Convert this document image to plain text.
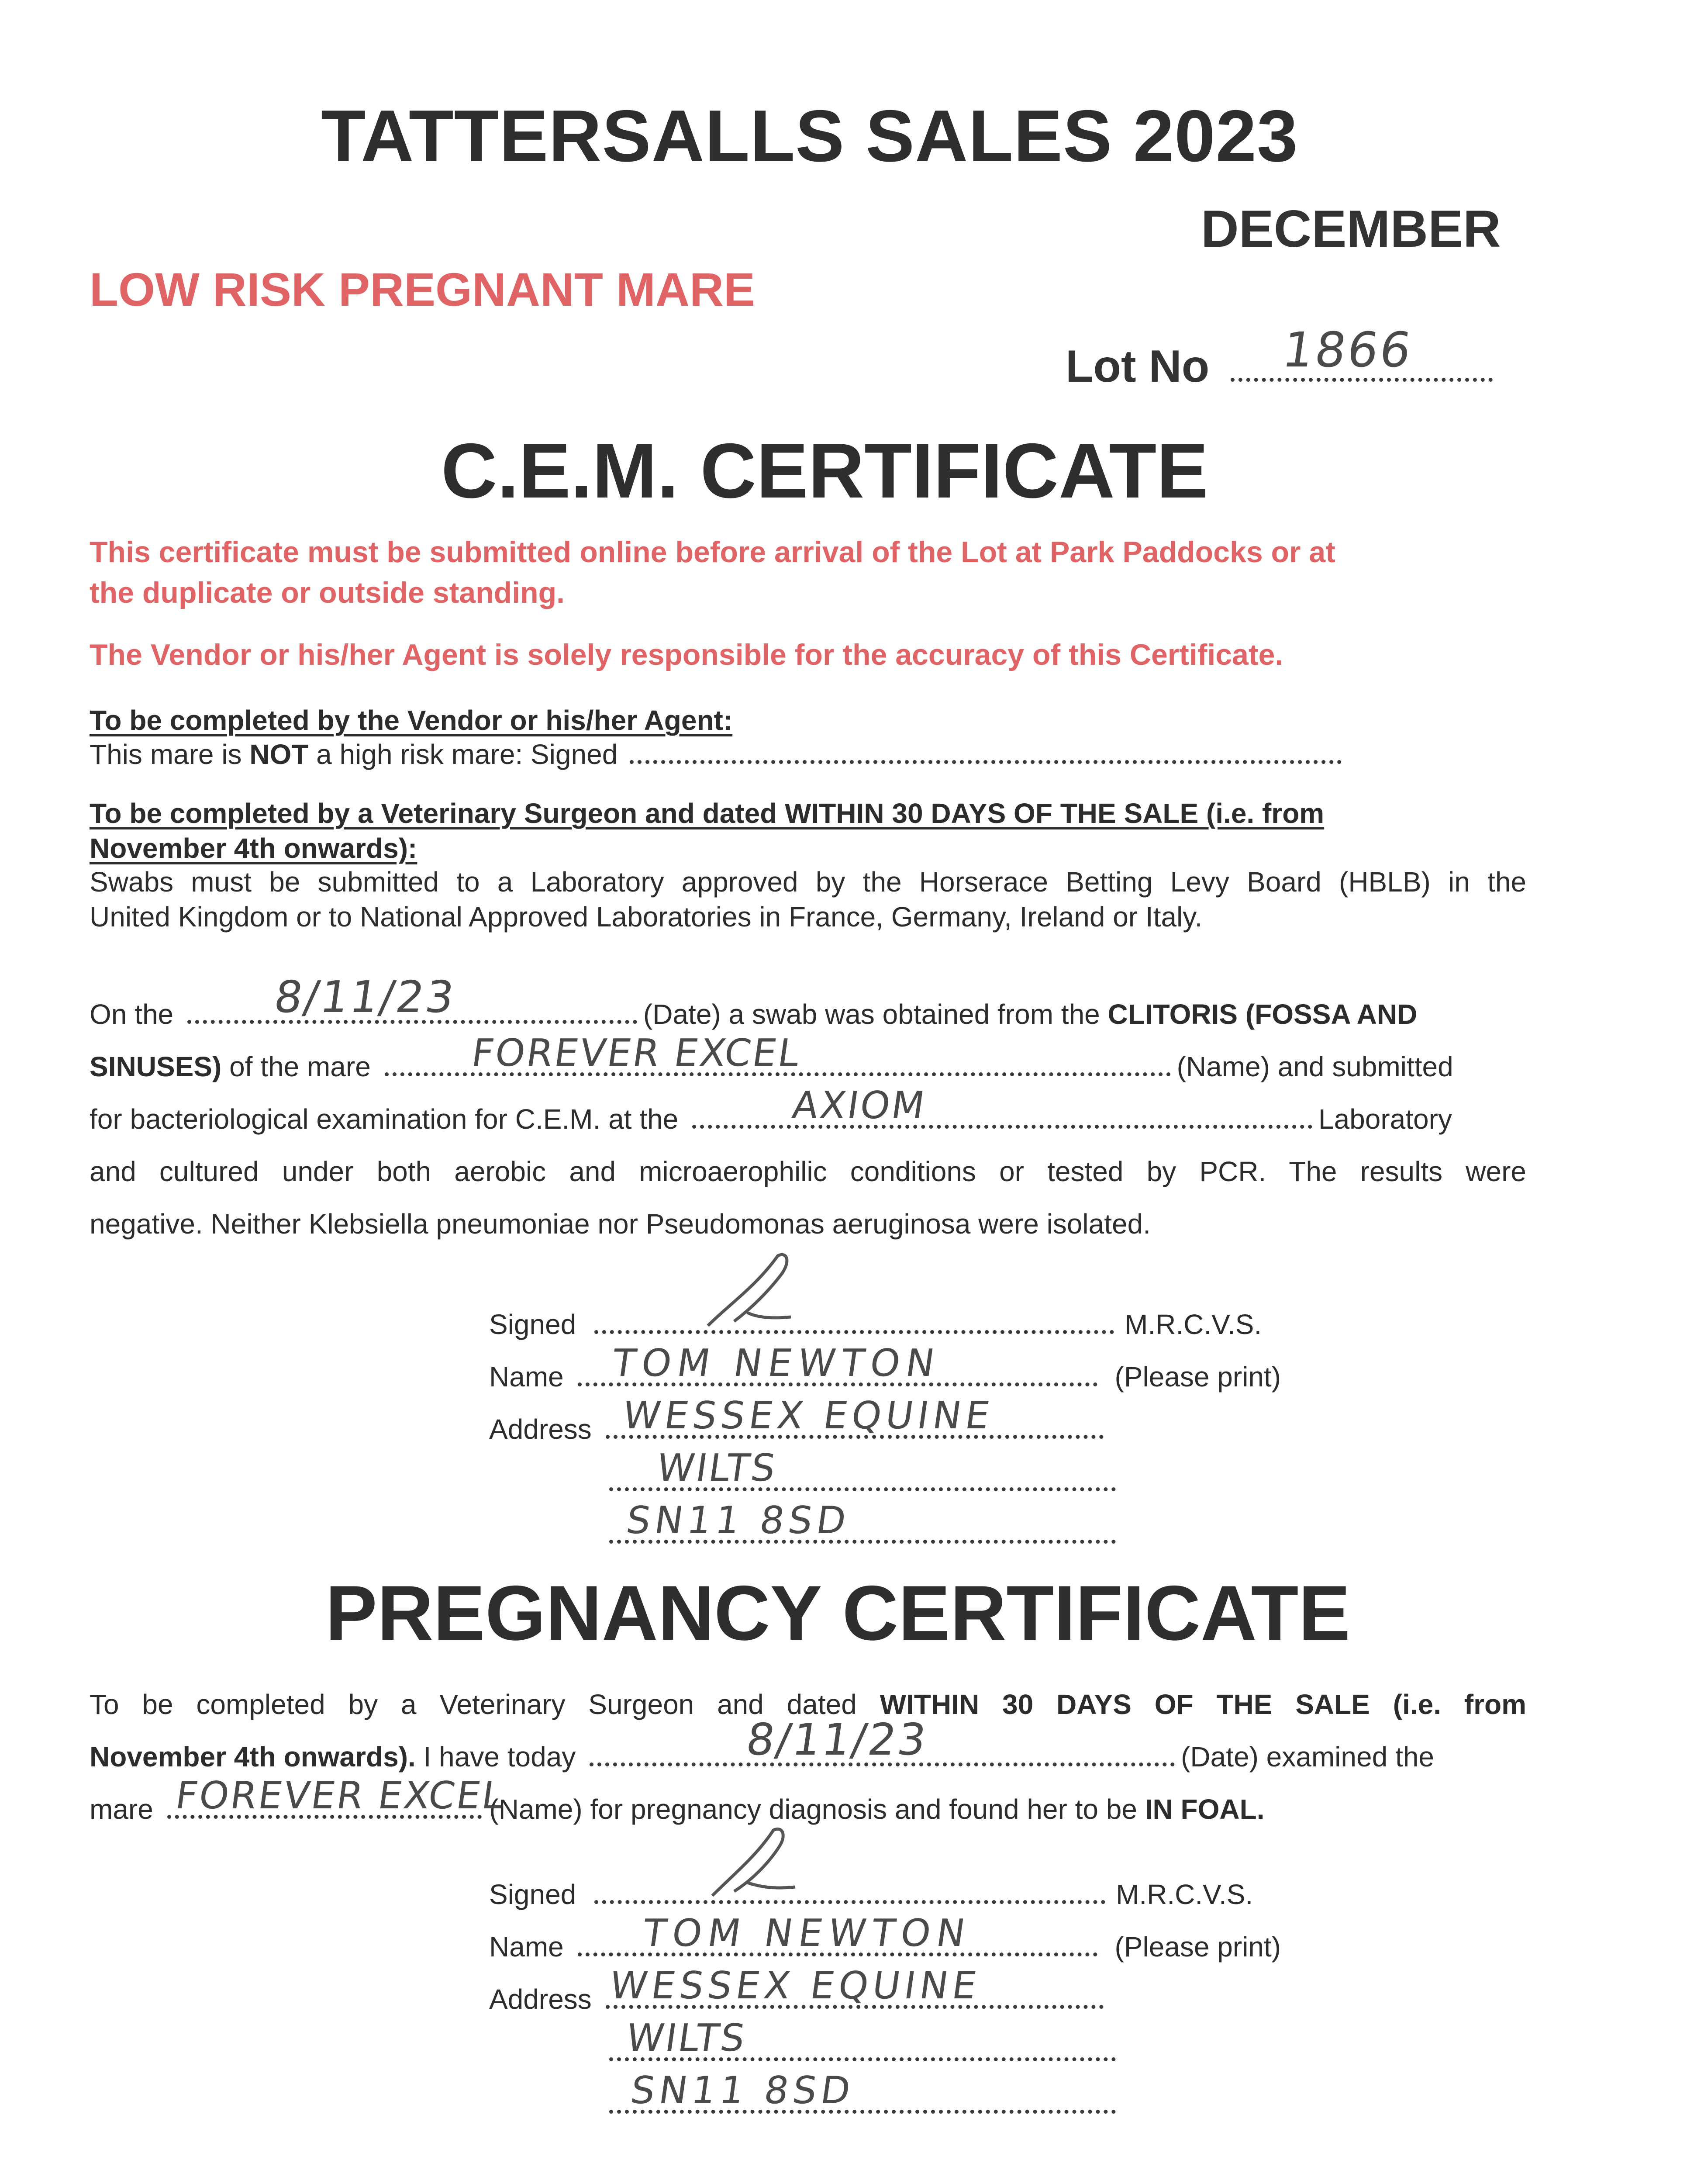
TATTERSALLS SALES 2023
DECEMBER
LOW RISK PREGNANT MARE
Lot No 1866
C.E.M. CERTIFICATE
This certificate must be submitted online before arrival of the Lot at Park Paddocks or at
the duplicate or outside standing.
The Vendor or his/her Agent is solely responsible for the accuracy of this Certificate.
To be completed by the Vendor or his/her Agent:
This mare is NOT a high risk mare: Signed
To be completed by a Veterinary Surgeon and dated WITHIN 30 DAYS OF THE SALE (i.e. from
November 4th onwards):
Swabs must be submitted to a Laboratory approved by the Horserace Betting Levy Board (HBLB) in the
United Kingdom or to National Approved Laboratories in France, Germany, Ireland or Italy.
On the 8/11/23	(Date) a swab was obtained from the CLITORIS (FOSSA AND
SINUSES) of the mare	FOREVER EXCEL	(Name) and submitted
for bacteriological examination for C.E.M. at the	AXIOM	Laboratory
and cultured under both aerobic and microaerophilic conditions or tested by PCR. The results were
negative. Neither Klebsiella pneumoniae nor Pseudomonas aeruginosa were isolated.
Signed	M.R.C.V.S.
Name TOM NEWTON	(Please print)
Address WESSEX EQUINE
WILTS
SN11 8SD
PREGNANCY CERTIFICATE
To be completed by a Veterinary Surgeon and dated WITHIN 30 DAYS OF THE SALE (i.e. from
November 4th onwards). I have today	8/11/23	(Date) examined the
mare FOREVER EXCEL
(Name) for pregnancy diagnosis and found her to be IN FOAL.
Signed	M.R.C.V.S.
Name TOM NEWTON	(Please print)
Address WESSEX EQUINE
WILTS
SN11 8SD
